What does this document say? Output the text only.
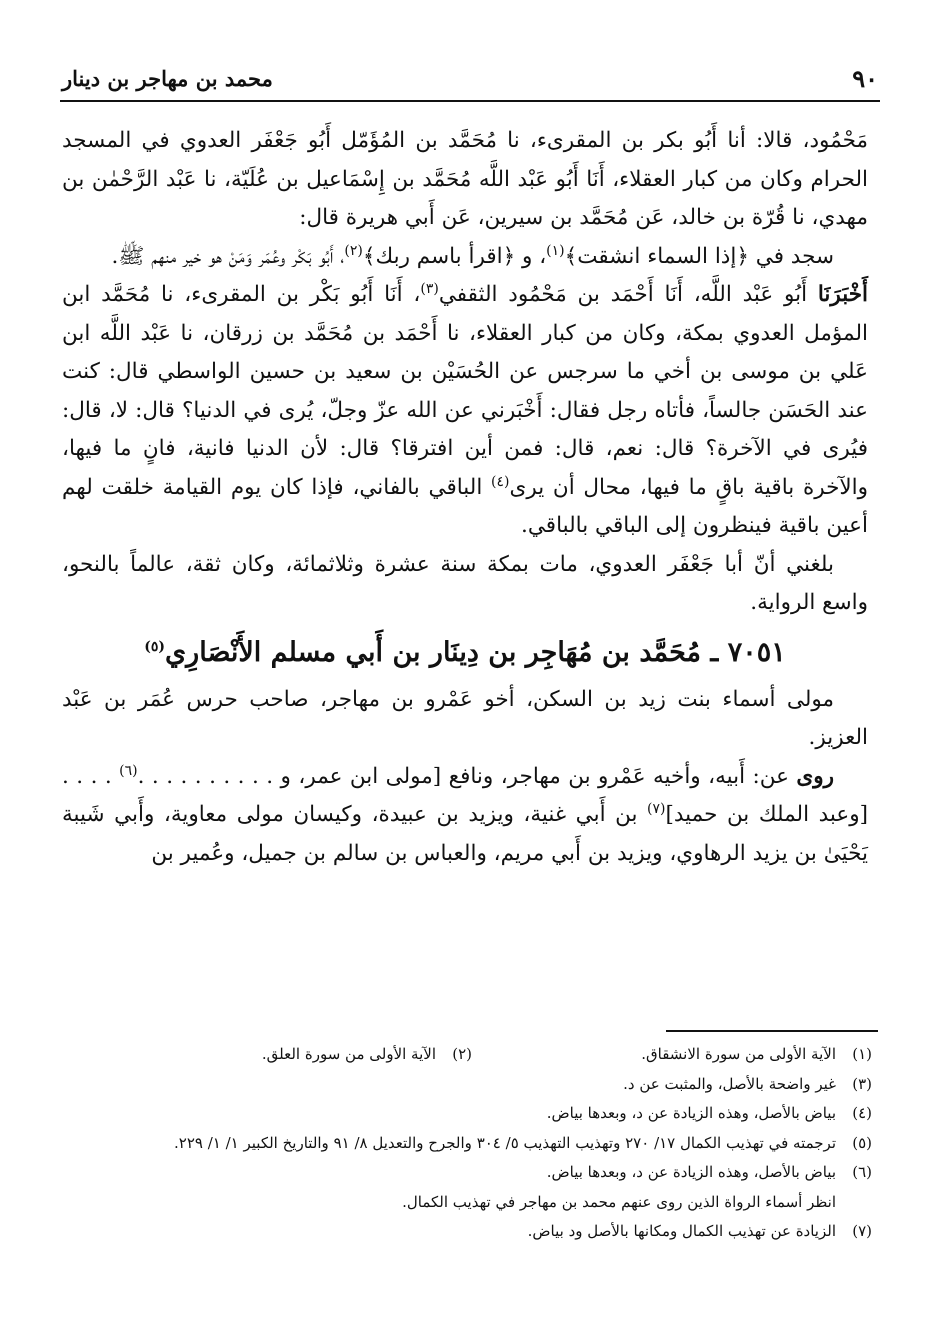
٩٠
محمد بن مهاجر بن دينار

مَحْمُود، قالا: أنا أَبُو بكر بن المقرىء، نا مُحَمَّد بن المُؤَمّل أَبُو جَعْفَر العدوي في المسجد الحرام وكان من كبار العقلاء، أَنَا أَبُو عَبْد اللَّه مُحَمَّد بن إِسْمَاعيل بن عُلَيّة، نا عَبْد الرَّحْمٰن بن مهدي، نا قُرّة بن خالد، عَن مُحَمَّد بن سيرين، عَن أَبي هريرة قال:

سجد في ﴿إذا السماء انشقت﴾$^{(١)}$، و ﴿اقرأ باسم ربك﴾$^{(٢)}$، أَبُو بَكْر وعُمَر وَمَنْ هو خير منهم ﷺ.

أَخْبَرَنَا أَبُو عَبْد اللَّه، أَنَا أَحْمَد بن مَحْمُود الثقفي$^{(٣)}$، أَنَا أَبُو بَكْر بن المقرىء، نا مُحَمَّد ابن المؤمل العدوي بمكة، وكان من كبار العقلاء، نا أَحْمَد بن مُحَمَّد بن زرقان، نا عَبْد اللَّه ابن عَلي بن موسى بن أخي ما سرجس عن الحُسَيْن بن سعيد بن حسين الواسطي قال: كنت عند الحَسَن جالساً، فأتاه رجل فقال: أَخْبَرني عن الله عزّ وجلّ، يُرى في الدنيا؟ قال: لا، قال: فيُرى في الآخرة؟ قال: نعم، قال: فمن أين افترقا؟ قال: لأن الدنيا فانية، فانٍ ما فيها، والآخرة باقية باقٍ ما فيها، محال أن يرى$^{(٤)}$ الباقي بالفاني، فإذا كان يوم القيامة خلقت لهم أعين باقية فينظرون إلى الباقي بالباقي.

بلغني أنّ أبا جَعْفَر العدوي، مات بمكة سنة عشرة وثلاثمائة، وكان ثقة، عالماً بالنحو، واسع الرواية.

٧٠٥١ ـ مُحَمَّد بن مُهَاجِر بن دِينَار بن أَبي مسلم الأَنْصَارِي$^{(٥)}$

مولى أسماء بنت زيد بن السكن، أخو عَمْرو بن مهاجر، صاحب حرس عُمَر بن عَبْد العزيز.

روى عن: أَبيه، وأخيه عَمْرو بن مهاجر، ونافع [مولى ابن عمر، و . . . . . . . . . .$^{(٦)}$ . . . . [وعبد الملك بن حميد]$^{(٧)}$ بن أَبي غنية، ويزيد بن عبيدة، وكيسان مولى معاوية، وأَبي شَيبة يَحْيَىٰ بن يزيد الرهاوي، ويزيد بن أَبي مريم، والعباس بن سالم بن جميل، وعُمير بن

(١)
الآية الأولى من سورة الانشقاق.
(٢)
الآية الأولى من سورة العلق.
(٣)
غير واضحة بالأصل، والمثبت عن د.
(٤)
بياض بالأصل، وهذه الزيادة عن د، وبعدها بياض.
(٥)
ترجمته في تهذيب الكمال ١٧/ ٢٧٠ وتهذيب التهذيب ٥/ ٣٠٤ والجرح والتعديل ٨/ ٩١ والتاريخ الكبير ١/ ١/ ٢٢٩.
(٦)
بياض بالأصل، وهذه الزيادة عن د، وبعدها بياض.
انظر أسماء الرواة الذين روى عنهم محمد بن مهاجر في تهذيب الكمال.
(٧)
الزيادة عن تهذيب الكمال ومكانها بالأصل ود بياض.
